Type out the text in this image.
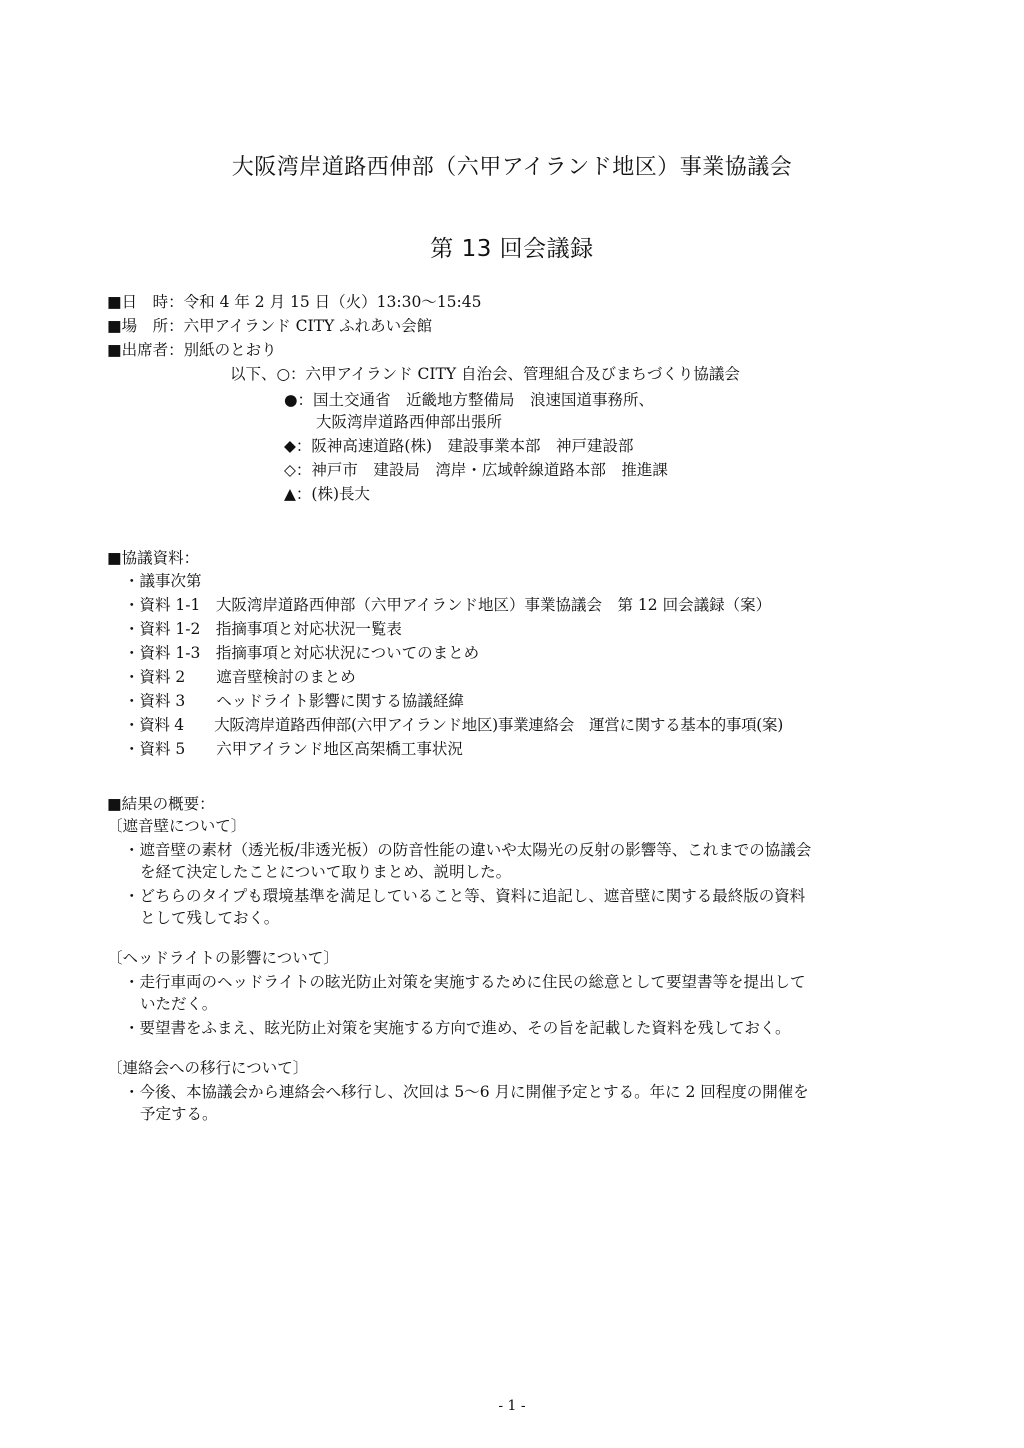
大阪湾岸道路西伸部（六甲アイランド地区）事業協議会
第 13 回会議録
■日　時：令和 4 年 2 月 15 日（火）13:30～15:45
■場　所：六甲アイランド CITY ふれあい会館
■出席者：別紙のとおり
以下、○：六甲アイランド CITY 自治会、管理組合及びまちづくり協議会
●：国土交通省　近畿地方整備局　浪速国道事務所、
大阪湾岸道路西伸部出張所
◆：阪神高速道路(株)　建設事業本部　神戸建設部
◇：神戸市　建設局　湾岸・広域幹線道路本部　推進課
▲：(株)長大
■協議資料：
・議事次第
・資料 1-1　大阪湾岸道路西伸部（六甲アイランド地区）事業協議会　第 12 回会議録（案）
・資料 1-2　指摘事項と対応状況一覧表
・資料 1-3　指摘事項と対応状況についてのまとめ
・資料 2　　遮音壁検討のまとめ
・資料 3　　ヘッドライト影響に関する協議経緯
・資料 4　　大阪湾岸道路西伸部(六甲アイランド地区)事業連絡会　運営に関する基本的事項(案)
・資料 5　　六甲アイランド地区高架橋工事状況
■結果の概要：
〔遮音壁について〕
・遮音壁の素材（透光板/非透光板）の防音性能の違いや太陽光の反射の影響等、これまでの協議会
を経て決定したことについて取りまとめ、説明した。
・どちらのタイプも環境基準を満足していること等、資料に追記し、遮音壁に関する最終版の資料
として残しておく。
〔ヘッドライトの影響について〕
・走行車両のヘッドライトの眩光防止対策を実施するために住民の総意として要望書等を提出して
いただく。
・要望書をふまえ、眩光防止対策を実施する方向で進め、その旨を記載した資料を残しておく。
〔連絡会への移行について〕
・今後、本協議会から連絡会へ移行し、次回は 5～6 月に開催予定とする。年に 2 回程度の開催を
予定する。
- 1 -
